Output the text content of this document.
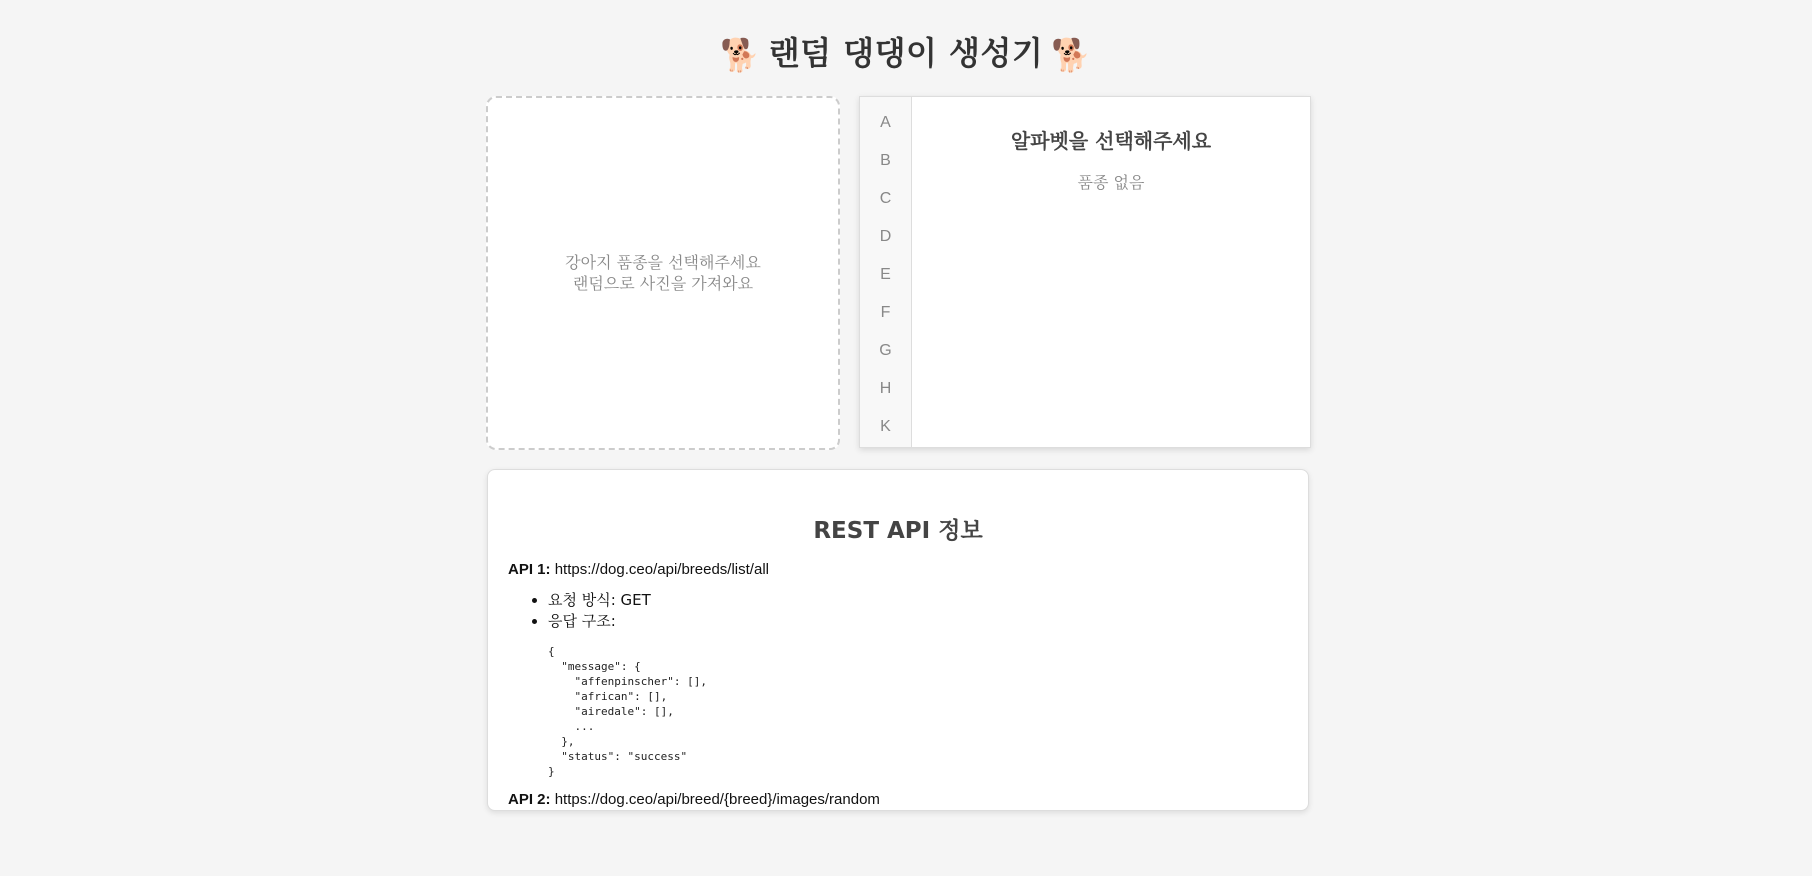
🐕 랜덤 댕댕이 생성기 🐕
강아지 품종을 선택해주세요
랜덤으로 사진을 가져와요
A
B
C
D
E
F
G
H
K
알파벳을 선택해주세요
품종 없음
REST API 정보

API 1: https://dog.ceo/api/breeds/list/all

• 요청 방식: GET
• 응답 구조:
{
"message": {
"affenpinscher": [],
"african": [],
"airedale": [],
...
},
"status": "success"
}

API 2: https://dog.ceo/api/breed/{breed}/images/random
